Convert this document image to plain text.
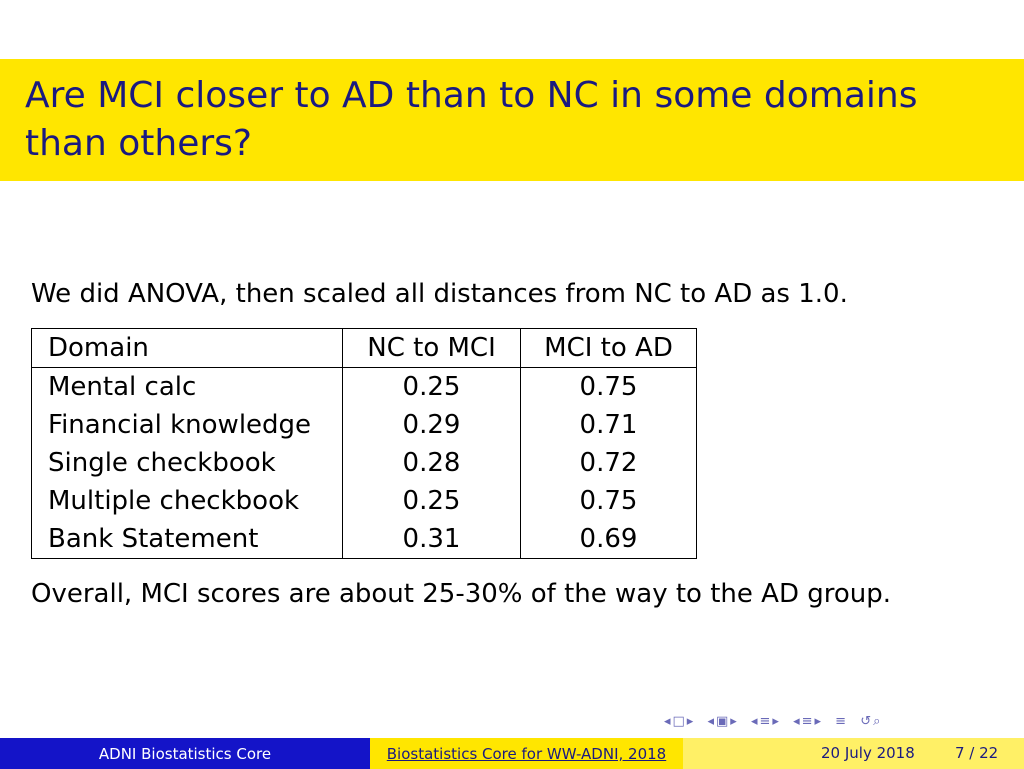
Are MCI closer to AD than to NC in some domains than others?
We did ANOVA, then scaled all distances from NC to AD as 1.0.
Domain	NC to MCI	MCI to AD
Mental calc	0.25	0.75
Financial knowledge	0.29	0.71
Single checkbook	0.28	0.72
Multiple checkbook	0.25	0.75
Bank Statement	0.31	0.69
Overall, MCI scores are about 25-30% of the way to the AD group.
◂□▸ ◂▣▸ ◂≡▸ ◂≡▸ ≡ ↺⌕
ADNI Biostatistics Core	Biostatistics Core for WW-ADNI, 2018	20 July 2018	7 / 22
